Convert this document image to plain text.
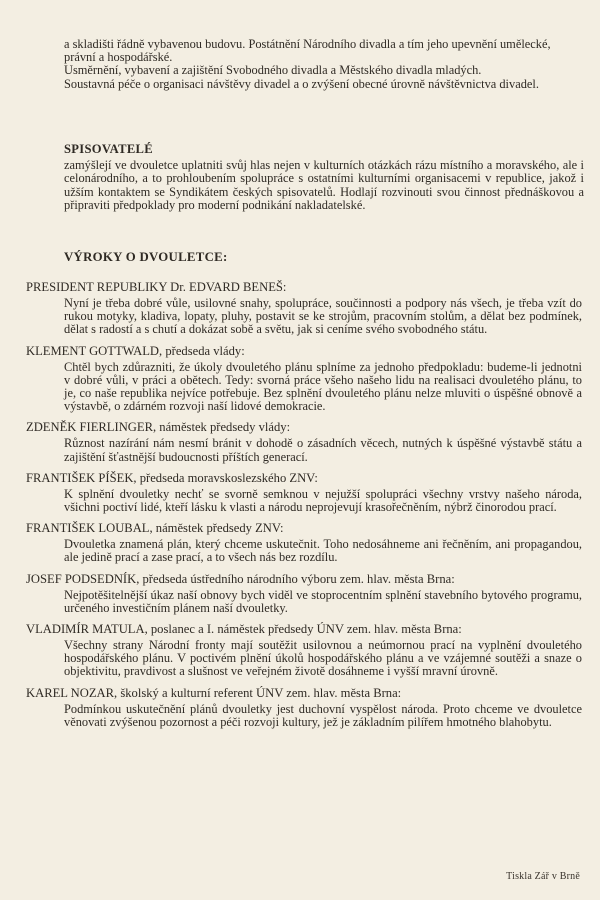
a skladišti řádně vybavenou budovu. Postátnění Národního divadla a tím jeho upevnění umělecké, právní a hospodářské.

Usměrnění, vybavení a zajištění Svobodného divadla a Městského divadla mladých.

Soustavná péče o organisaci návštěvy divadel a o zvýšení obecné úrovně návštěvnictva divadel.

SPISOVATELÉ

zamýšlejí ve dvouletce uplatniti svůj hlas nejen v kulturních otázkách rázu místního a moravského, ale i celonárodního, a to prohloubením spolupráce s ostatními kulturními organisacemi v republice, jakož i užším kontaktem se Syndikátem českých spisovatelů. Hodlají rozvinouti svou činnost přednáškovou a připraviti předpoklady pro moderní podnikání nakladatelské.

VÝROKY O DVOULETCE:

PRESIDENT REPUBLIKY Dr. EDVARD BENEŠ:

Nyní je třeba dobré vůle, usilovné snahy, spolupráce, součinnosti a podpory nás všech, je třeba vzít do rukou motyky, kladiva, lopaty, pluhy, postavit se ke strojům, pracovním stolům, a dělat bez podmínek, dělat s radostí a s chutí a dokázat sobě a světu, jak si ceníme svého svobodného státu.

KLEMENT GOTTWALD, předseda vlády:

Chtěl bych zdůrazniti, že úkoly dvouletého plánu splníme za jednoho předpokladu: budeme-li jednotni v dobré vůli, v práci a obětech. Tedy: svorná práce všeho našeho lidu na realisaci dvouletého plánu, to je, co naše republika nejvíce potřebuje. Bez splnění dvouletého plánu nelze mluviti o úspěšné obnově a výstavbě, o zdárném rozvoji naší lidové demokracie.

ZDENĚK FIERLINGER, náměstek předsedy vlády:

Různost nazírání nám nesmí bránit v dohodě o zásadních věcech, nutných k úspěšné výstavbě státu a zajištění šťastnější budoucnosti příštích generací.

FRANTIŠEK PÍŠEK, předseda moravskoslezského ZNV:

K splnění dvouletky nechť se svorně semknou v nejužší spolupráci všechny vrstvy našeho národa, všichni poctiví lidé, kteří lásku k vlasti a národu neprojevují krasořečněním, nýbrž činorodou prací.

FRANTIŠEK LOUBAL, náměstek předsedy ZNV:

Dvouletka znamená plán, který chceme uskutečnit. Toho nedosáhneme ani řečněním, ani propagandou, ale jedině prací a zase prací, a to všech nás bez rozdílu.

JOSEF PODSEDNÍK, předseda ústředního národního výboru zem. hlav. města Brna:

Nejpotěšitelnější úkaz naší obnovy bych viděl ve stoprocentním splnění stavebního bytového programu, určeného investičním plánem naší dvouletky.

VLADIMÍR MATULA, poslanec a I. náměstek předsedy ÚNV zem. hlav. města Brna:

Všechny strany Národní fronty mají soutěžit usilovnou a neúmornou prací na vyplnění dvouletého hospodářského plánu. V poctivém plnění úkolů hospodářského plánu a ve vzájemné soutěži a snaze o objektivitu, pravdivost a slušnost ve veřejném životě dosáhneme i vyšší mravní úrovně.

KAREL NOZAR, školský a kulturní referent ÚNV zem. hlav. města Brna:

Podmínkou uskutečnění plánů dvouletky jest duchovní vyspělost národa. Proto chceme ve dvouletce věnovati zvýšenou pozornost a péči rozvoji kultury, jež je základním pilířem hmotného blahobytu.

Tiskla Zář v Brně
